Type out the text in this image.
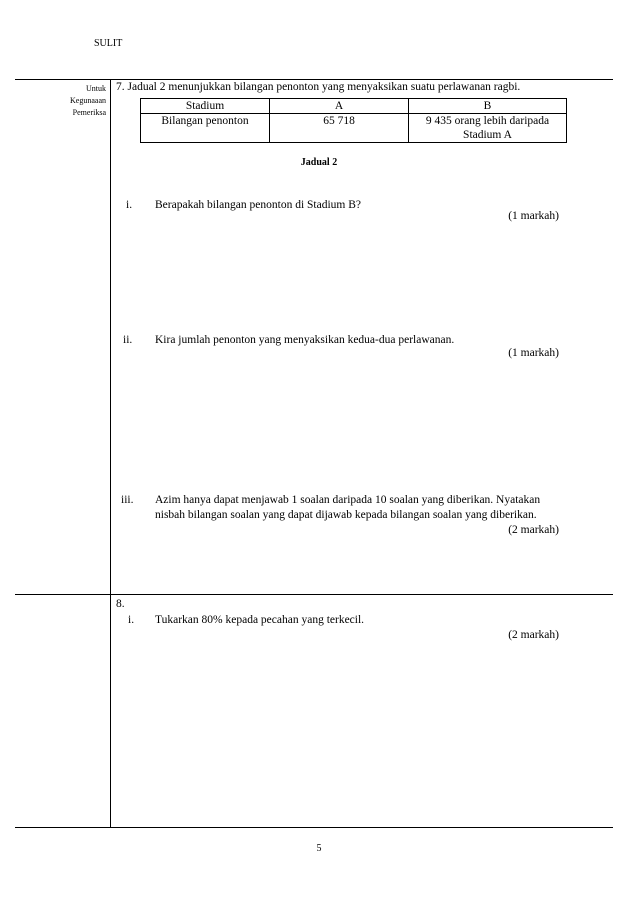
SULIT
Untuk
Kegunaaan
Pemeriksa
7. Jadual 2 menunjukkan bilangan penonton yang menyaksikan suatu perlawanan ragbi.
Stadium	A	B
Bilangan penonton	65 718	9 435 orang lebih daripada
Stadium A
Jadual 2
i. Berapakah bilangan penonton di Stadium B?
(1 markah)
ii. Kira jumlah penonton yang menyaksikan kedua-dua perlawanan.
(1 markah)
iii. Azim hanya dapat menjawab 1 soalan daripada 10 soalan yang diberikan. Nyatakan
nisbah bilangan soalan yang dapat dijawab kepada bilangan soalan yang diberikan.
(2 markah)
8.
i. Tukarkan 80% kepada pecahan yang terkecil.
(2 markah)
5
